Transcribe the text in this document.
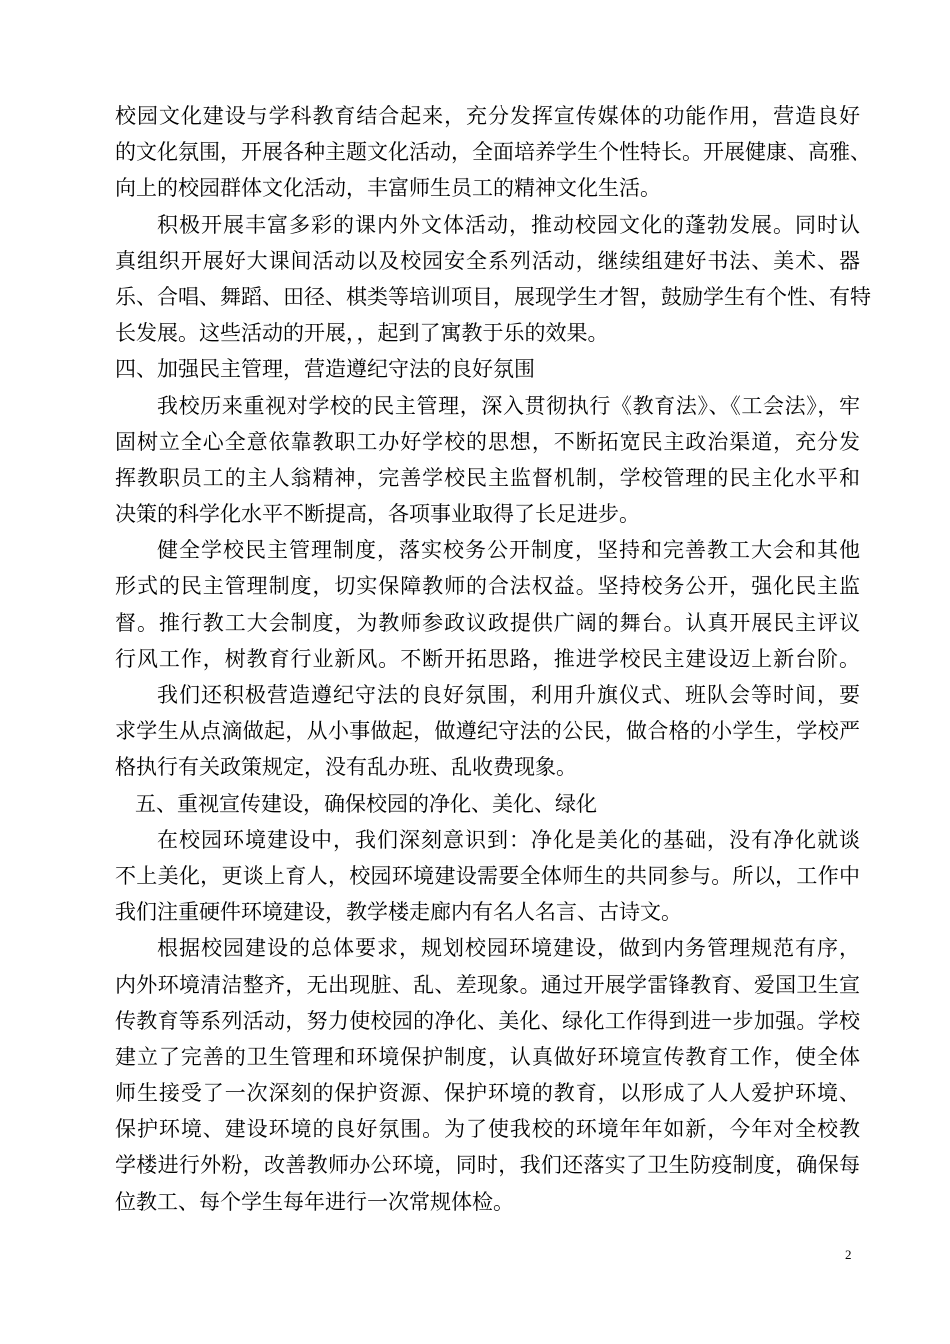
校园文化建设与学科教育结合起来，充分发挥宣传媒体的功能作用，营造良好
的文化氛围，开展各种主题文化活动，全面培养学生个性特长。开展健康、高雅、
向上的校园群体文化活动，丰富师生员工的精神文化生活。
积极开展丰富多彩的课内外文体活动，推动校园文化的蓬勃发展。同时认
真组织开展好大课间活动以及校园安全系列活动，继续组建好书法、美术、器
乐、合唱、舞蹈、田径、棋类等培训项目，展现学生才智，鼓励学生有个性、有特
长发展。这些活动的开展，，起到了寓教于乐的效果。
四、加强民主管理，营造遵纪守法的良好氛围
我校历来重视对学校的民主管理，深入贯彻执行《教育法》、《工会法》，牢
固树立全心全意依靠教职工办好学校的思想，不断拓宽民主政治渠道，充分发
挥教职员工的主人翁精神，完善学校民主监督机制，学校管理的民主化水平和
决策的科学化水平不断提高，各项事业取得了长足进步。
健全学校民主管理制度，落实校务公开制度，坚持和完善教工大会和其他
形式的民主管理制度，切实保障教师的合法权益。坚持校务公开，强化民主监
督。推行教工大会制度，为教师参政议政提供广阔的舞台。认真开展民主评议
行风工作，树教育行业新风。不断开拓思路，推进学校民主建设迈上新台阶。
我们还积极营造遵纪守法的良好氛围，利用升旗仪式、班队会等时间，要
求学生从点滴做起，从小事做起，做遵纪守法的公民，做合格的小学生，学校严
格执行有关政策规定，没有乱办班、乱收费现象。
五、重视宣传建设，确保校园的净化、美化、绿化
在校园环境建设中，我们深刻意识到：净化是美化的基础，没有净化就谈
不上美化，更谈上育人，校园环境建设需要全体师生的共同参与。所以，工作中
我们注重硬件环境建设，教学楼走廊内有名人名言、古诗文。
根据校园建设的总体要求，规划校园环境建设，做到内务管理规范有序，
内外环境清洁整齐，无出现脏、乱、差现象。通过开展学雷锋教育、爱国卫生宣
传教育等系列活动，努力使校园的净化、美化、绿化工作得到进一步加强。学校
建立了完善的卫生管理和环境保护制度，认真做好环境宣传教育工作，使全体
师生接受了一次深刻的保护资源、保护环境的教育，以形成了人人爱护环境、
保护环境、建设环境的良好氛围。为了使我校的环境年年如新，今年对全校教
学楼进行外粉，改善教师办公环境，同时，我们还落实了卫生防疫制度，确保每
位教工、每个学生每年进行一次常规体检。
2
